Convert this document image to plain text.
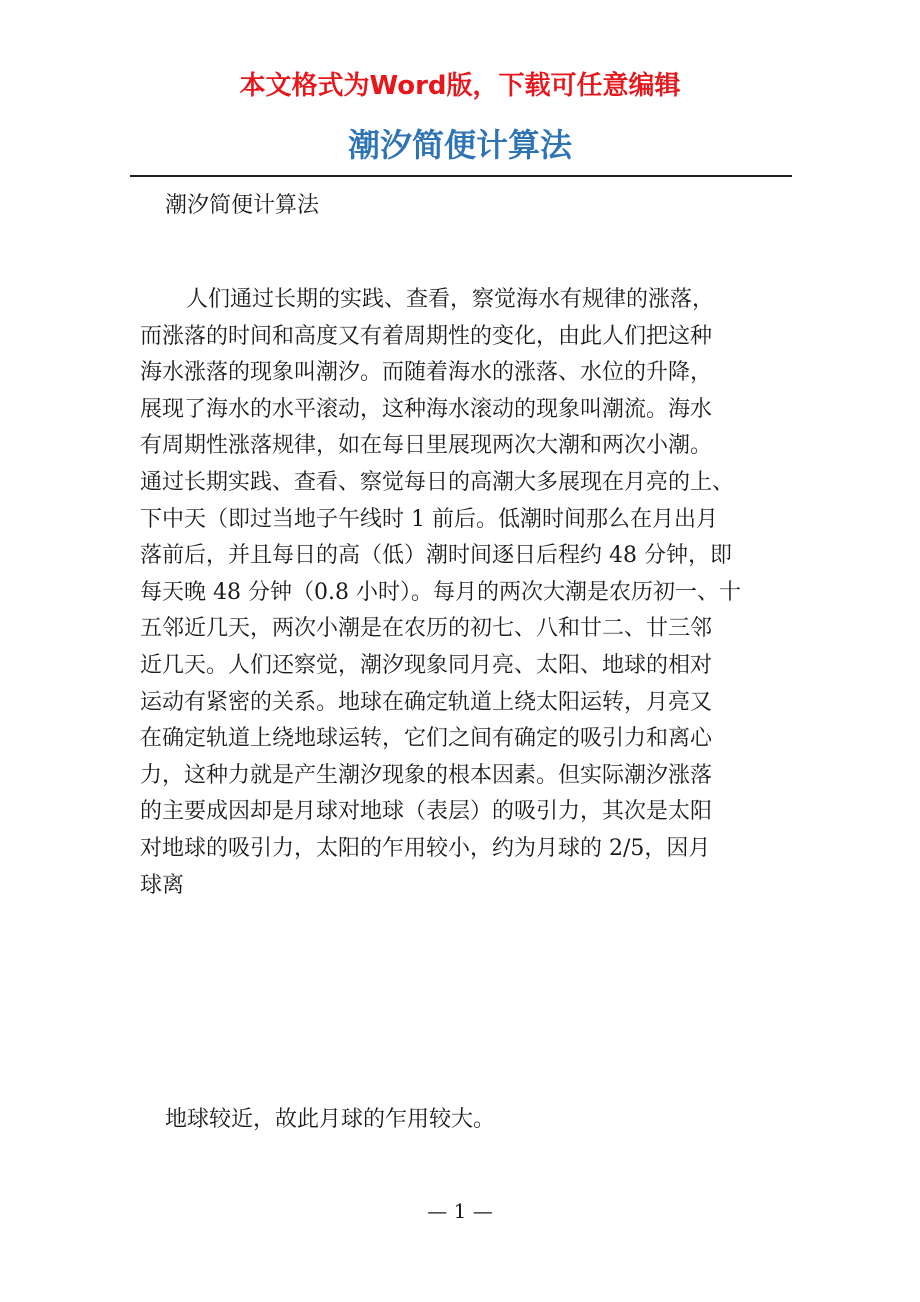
本文格式为Word版，下载可任意编辑

潮汐简便计算法

潮汐简便计算法

人们通过长期的实践、查看，察觉海水有规律的涨落，
而涨落的时间和高度又有着周期性的变化，由此人们把这种
海水涨落的现象叫潮汐。而随着海水的涨落、水位的升降，
展现了海水的水平滚动，这种海水滚动的现象叫潮流。海水
有周期性涨落规律，如在每日里展现两次大潮和两次小潮。
通过长期实践、查看、察觉每日的高潮大多展现在月亮的上、
下中天（即过当地子午线时 1 前后。低潮时间那么在月出月
落前后，并且每日的高（低）潮时间逐日后程约 48 分钟，即
每天晚 48 分钟（0.8 小时）。每月的两次大潮是农历初一、十
五邻近几天，两次小潮是在农历的初七、八和廿二、廿三邻
近几天。人们还察觉，潮汐现象同月亮、太阳、地球的相对
运动有紧密的关系。地球在确定轨道上绕太阳运转，月亮又
在确定轨道上绕地球运转，它们之间有确定的吸引力和离心
力，这种力就是产生潮汐现象的根本因素。但实际潮汐涨落
的主要成因却是月球对地球（表层）的吸引力，其次是太阳
对地球的吸引力，太阳的乍用较小，约为月球的 2/5，因月
球离

地球较近，故此月球的乍用较大。

— 1 —
